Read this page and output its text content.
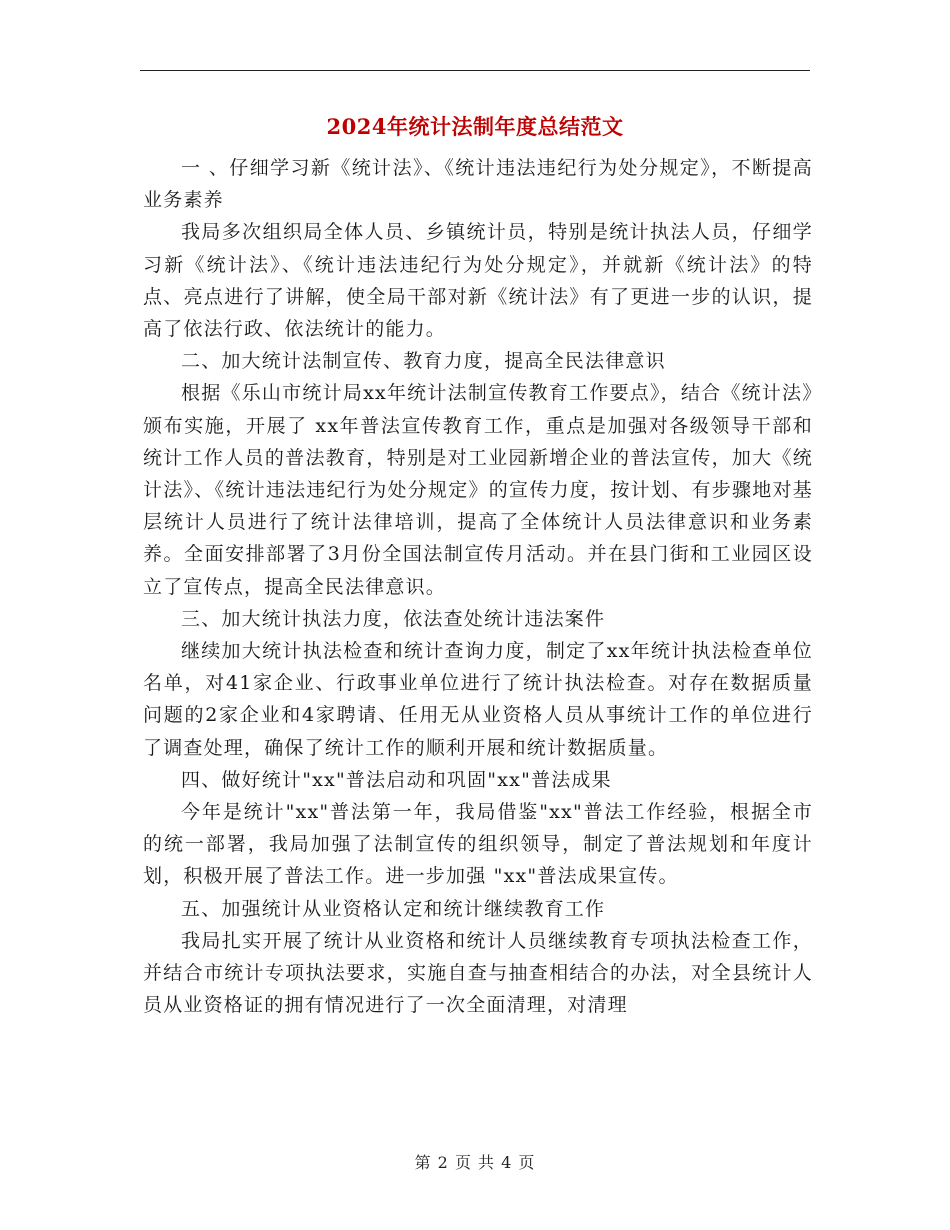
2024年统计法制年度总结范文

一 、仔细学习新《统计法》、《统计违法违纪行为处分规定》，不断提高业务素养

我局多次组织局全体人员、乡镇统计员，特别是统计执法人员，仔细学习新《统计法》、《统计违法违纪行为处分规定》，并就新《统计法》的特点、亮点进行了讲解，使全局干部对新《统计法》有了更进一步的认识，提高了依法行政、依法统计的能力。

二、加大统计法制宣传、教育力度，提高全民法律意识

根据《乐山市统计局xx年统计法制宣传教育工作要点》，结合《统计法》颁布实施，开展了 xx年普法宣传教育工作，重点是加强对各级领导干部和统计工作人员的普法教育，特别是对工业园新增企业的普法宣传，加大《统计法》、《统计违法违纪行为处分规定》的宣传力度，按计划、有步骤地对基层统计人员进行了统计法律培训，提高了全体统计人员法律意识和业务素养。全面安排部署了3月份全国法制宣传月活动。并在县门街和工业园区设立了宣传点，提高全民法律意识。

三、加大统计执法力度，依法查处统计违法案件

继续加大统计执法检查和统计查询力度，制定了xx年统计执法检查单位名单，对41家企业、行政事业单位进行了统计执法检查。对存在数据质量问题的2家企业和4家聘请、任用无从业资格人员从事统计工作的单位进行了调查处理，确保了统计工作的顺利开展和统计数据质量。

四、做好统计"xx"普法启动和巩固"xx"普法成果

今年是统计"xx"普法第一年，我局借鉴"xx"普法工作经验，根据全市的统一部署，我局加强了法制宣传的组织领导，制定了普法规划和年度计划，积极开展了普法工作。进一步加强 "xx"普法成果宣传。

五、加强统计从业资格认定和统计继续教育工作

我局扎实开展了统计从业资格和统计人员继续教育专项执法检查工作，并结合市统计专项执法要求，实施自查与抽查相结合的办法，对全县统计人员从业资格证的拥有情况进行了一次全面清理，对清理

第 2 页 共 4 页
